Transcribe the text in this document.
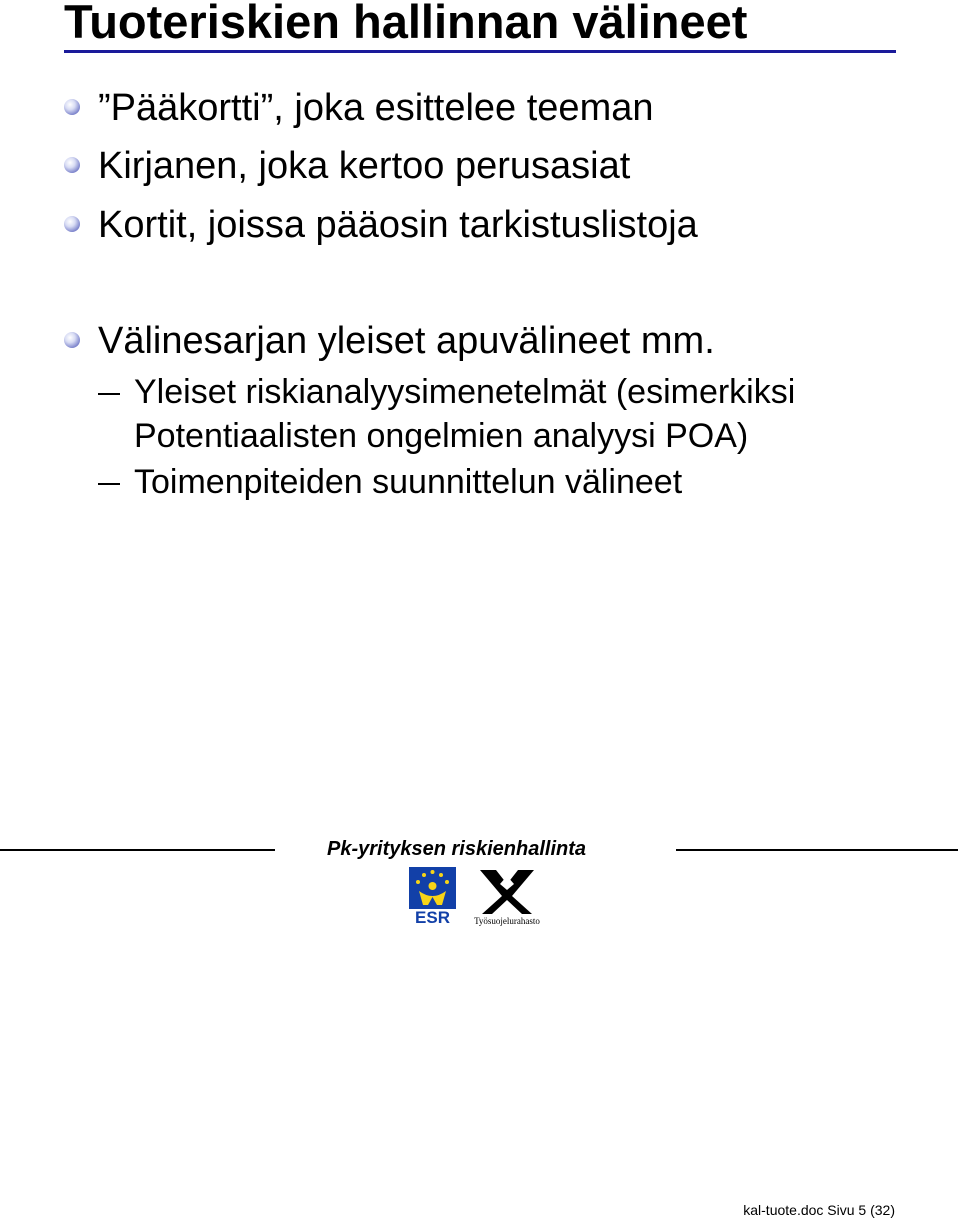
Tuoteriskien hallinnan välineet
”Pääkortti”, joka esittelee teeman
Kirjanen, joka kertoo perusasiat
Kortit, joissa pääosin tarkistuslistoja
Välinesarjan yleiset apuvälineet mm.
Yleiset riskianalyysimenetelmät (esimerkiksi
Potentiaalisten ongelmien analyysi POA)
Toimenpiteiden suunnittelun välineet
Pk-yrityksen riskienhallinta
ESR	Työsuojelurahasto
kal-tuote.doc Sivu 5 (32)
